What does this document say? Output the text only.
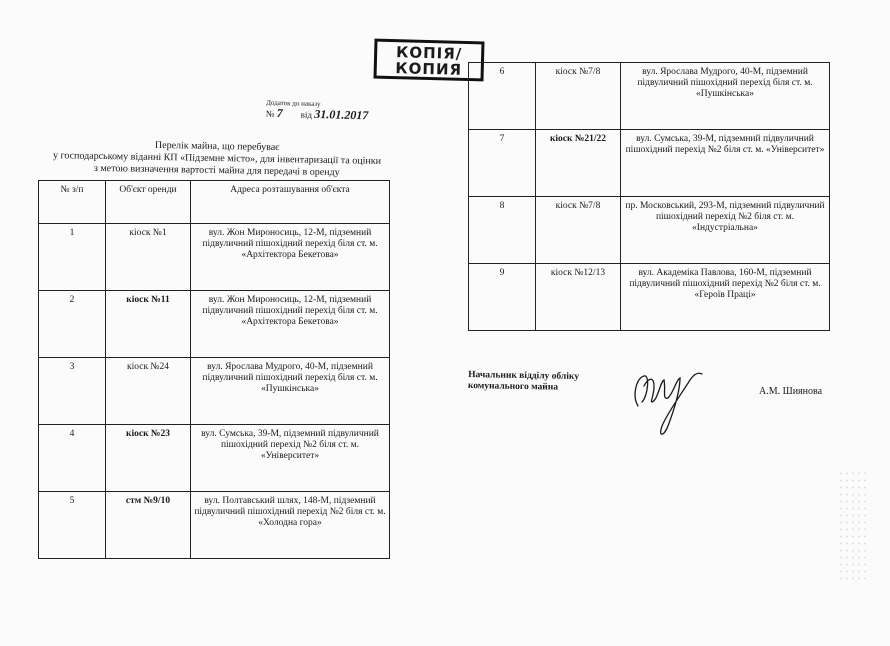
КОПІЯ/
КОПИЯ
Додаток до наказу
№ 7 від 31.01.2017
Перелік майна, що перебуває
у господарському віданні КП «Підземне місто», для інвентаризації та оцінки
з метою визначення вартості майна для передачі в оренду
№ з/п	Об'єкт оренди	Адреса розташування об'єкта
1	кіоск №1	вул. Жон Мироносиць, 12-М, підземний підвуличний пішохідний перехід біля ст. м. «Архітектора Бекетова»
2	кіоск №11	вул. Жон Мироносиць, 12-М, підземний підвуличний пішохідний перехід біля ст. м. «Архітектора Бекетова»
3	кіоск №24	вул. Ярослава Мудрого, 40-М, підземний підвуличний пішохідний перехід біля ст. м. «Пушкінська»
4	кіоск №23	вул. Сумська, 39-М, підземний підвуличний пішохідний перехід №2 біля ст. м. «Університет»
5	стм №9/10	вул. Полтавський шлях, 148-М, підземний підвуличний пішохідний перехід №2 біля ст. м. «Холодна гора»
6	кіоск №7/8	вул. Ярослава Мудрого, 40-М, підземний підвуличний пішохідний перехід біля ст. м. «Пушкінська»
7	кіоск №21/22	вул. Сумська, 39-М, підземний підвуличний пішохідний перехід №2 біля ст. м. «Університет»
8	кіоск №7/8	пр. Московський, 293-М, підземний підвуличний пішохідний перехід №2 біля ст. м. «Індустріальна»
9	кіоск №12/13	вул. Академіка Павлова, 160-М, підземний підвуличний пішохідний перехід №2 біля ст. м. «Героїв Праці»
Начальник відділу обліку
комунального майна	А.М. Шиянова
